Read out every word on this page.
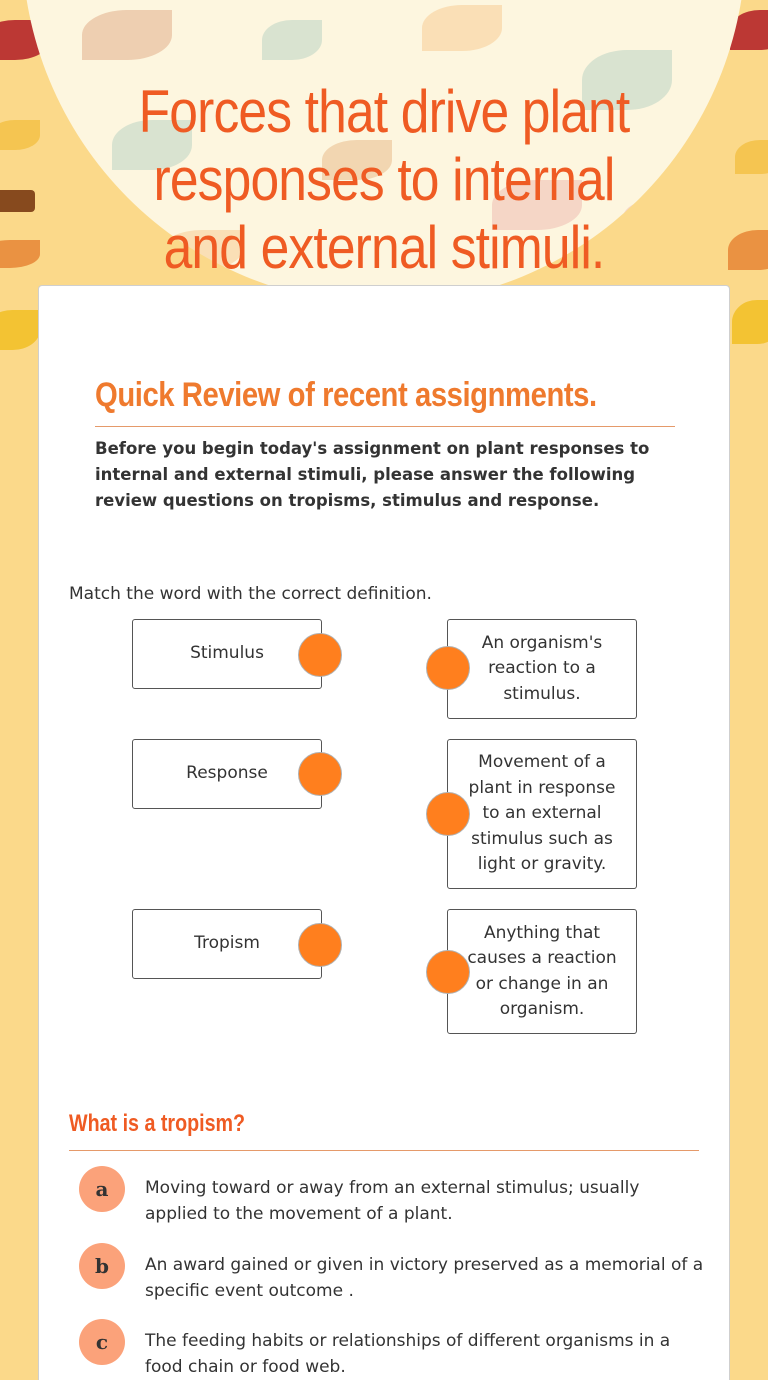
Forces that drive plant responses to internal and external stimuli.
Quick Review of recent assignments.

Before you begin today's assignment on plant responses to internal and external stimuli, please answer the following review questions on tropisms, stimulus and response.

Match the word with the correct definition.

Stimulus
Response
Tropism
An organism's reaction to a stimulus.
Movement of a plant in response to an external stimulus such as light or gravity.
Anything that causes a reaction or change in an organism.
What is a tropism?
a	Moving toward or away from an external stimulus; usually applied to the movement of a plant.
b	An award gained or given in victory preserved as a memorial of a specific event outcome .
c	The feeding habits or relationships of different organisms in a food chain or food web.
